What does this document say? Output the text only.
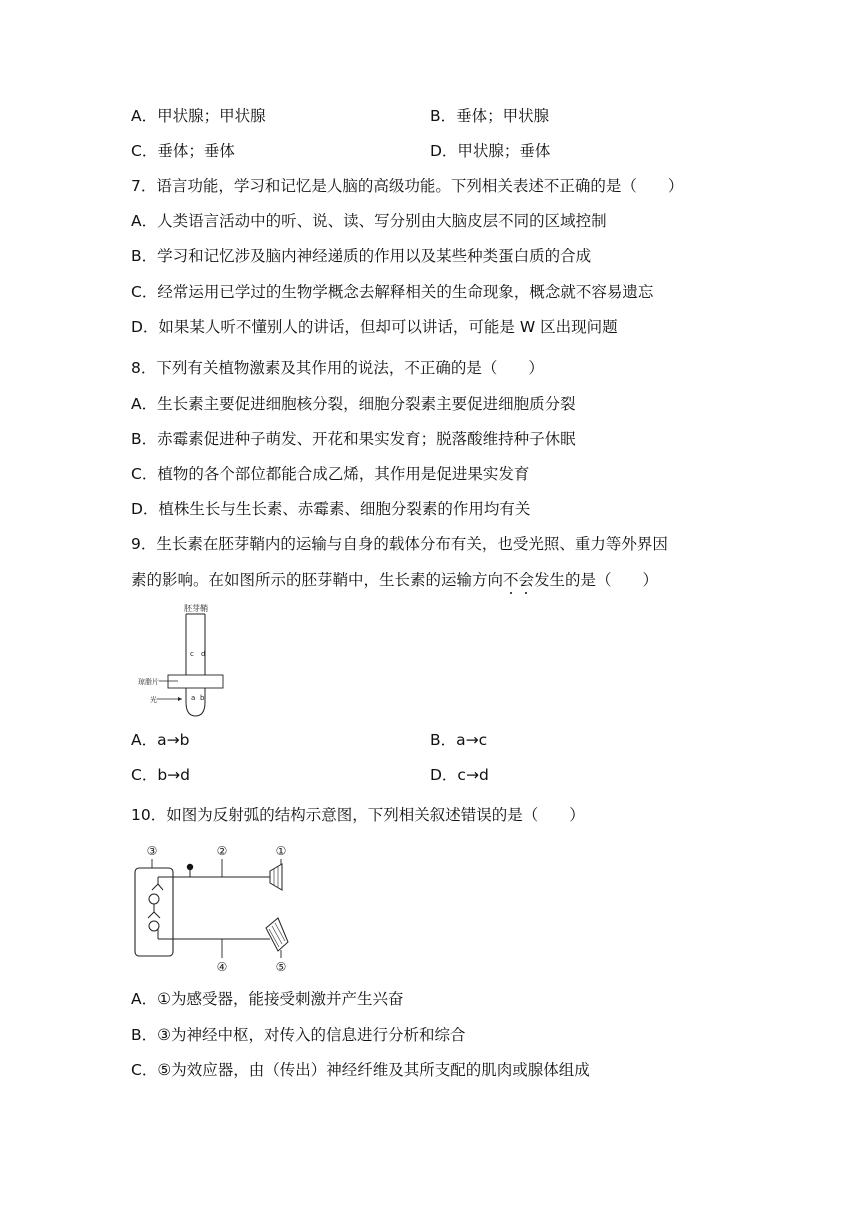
A．甲状腺；甲状腺	B．垂体；甲状腺
C．垂体；垂体	D．甲状腺；垂体
7．语言功能，学习和记忆是人脑的高级功能。下列相关表述不正确的是（　　）
A．人类语言活动中的听、说、读、写分别由大脑皮层不同的区域控制
B．学习和记忆涉及脑内神经递质的作用以及某些种类蛋白质的合成
C．经常运用已学过的生物学概念去解释相关的生命现象，概念就不容易遗忘
D．如果某人听不懂别人的讲话，但却可以讲话，可能是 W 区出现问题
8．下列有关植物激素及其作用的说法，不正确的是（　　）
A．生长素主要促进细胞核分裂，细胞分裂素主要促进细胞质分裂
B．赤霉素促进种子萌发、开花和果实发育；脱落酸维持种子休眠
C．植物的各个部位都能合成乙烯，其作用是促进果实发育
D．植株生长与生长素、赤霉素、细胞分裂素的作用均有关
9．生长素在胚芽鞘内的运输与自身的载体分布有关，也受光照、重力等外界因
素的影响。在如图所示的胚芽鞘中，生长素的运输方向不会发生的是（　　）
胚芽鞘
琼脂片
光	a b
c d
A．a→b	B．a→c
C．b→d	D．c→d
10．如图为反射弧的结构示意图，下列相关叙述错误的是（　　）
③	②	①
④	⑤
A．①为感受器，能接受刺激并产生兴奋
B．③为神经中枢，对传入的信息进行分析和综合
C．⑤为效应器，由（传出）神经纤维及其所支配的肌肉或腺体组成
